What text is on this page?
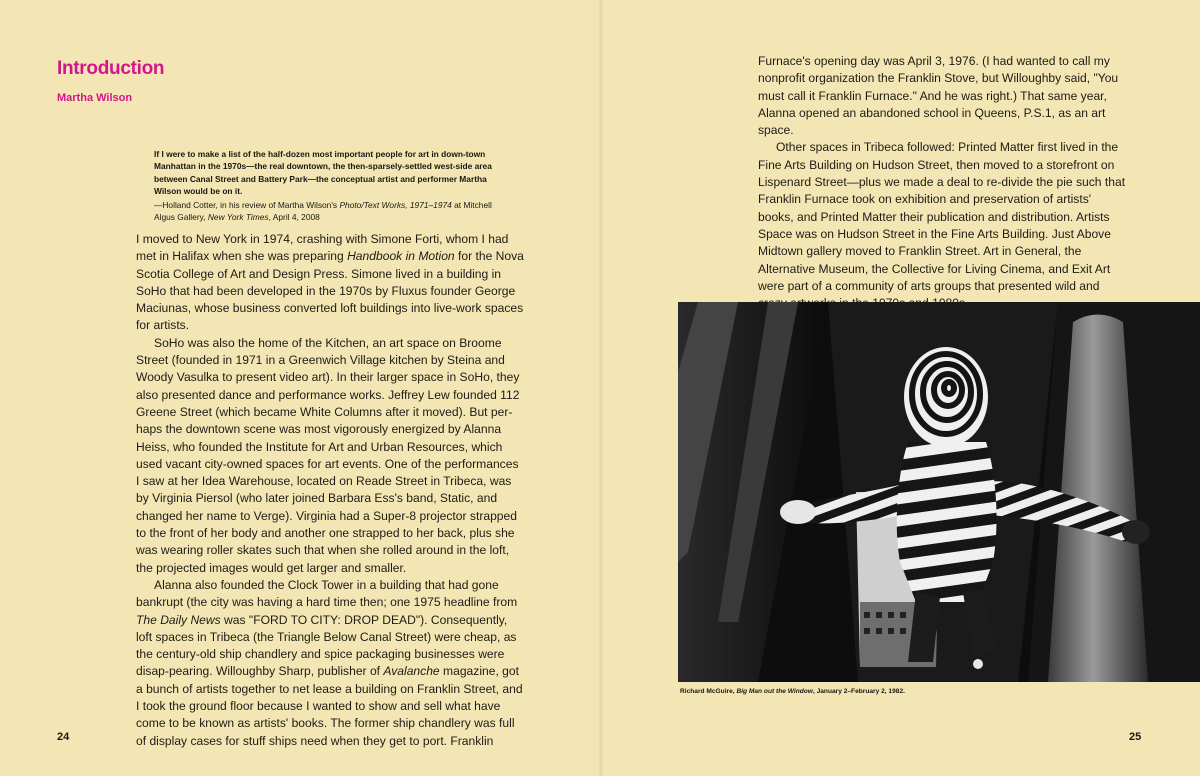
Introduction
Martha Wilson
If I were to make a list of the half-dozen most important people for art in down-town Manhattan in the 1970s—the real downtown, the then-sparsely-settled west-side area between Canal Street and Battery Park—the conceptual artist and performer Martha Wilson would be on it.
—Holland Cotter, in his review of Martha Wilson's Photo/Text Works, 1971–1974 at Mitchell Algus Gallery, New York Times, April 4, 2008

I moved to New York in 1974, crashing with Simone Forti, whom I had met in Halifax when she was preparing Handbook in Motion for the Nova Scotia College of Art and Design Press. Simone lived in a building in SoHo that had been developed in the 1970s by Fluxus founder George Maciunas, whose business converted loft buildings into live-work spaces for artists.

SoHo was also the home of the Kitchen, an art space on Broome Street (founded in 1971 in a Greenwich Village kitchen by Steina and Woody Vasulka to present video art). In their larger space in SoHo, they also presented dance and performance works. Jeffrey Lew founded 112 Greene Street (which became White Columns after it moved). But per-haps the downtown scene was most vigorously energized by Alanna Heiss, who founded the Institute for Art and Urban Resources, which used vacant city-owned spaces for art events. One of the performances I saw at her Idea Warehouse, located on Reade Street in Tribeca, was by Virginia Piersol (who later joined Barbara Ess's band, Static, and changed her name to Verge). Virginia had a Super-8 projector strapped to the front of her body and another one strapped to her back, plus she was wearing roller skates such that when she rolled around in the loft, the projected images would get larger and smaller.

Alanna also founded the Clock Tower in a building that had gone bankrupt (the city was having a hard time then; one 1975 headline from The Daily News was "FORD TO CITY: DROP DEAD"). Consequently, loft spaces in Tribeca (the Triangle Below Canal Street) were cheap, as the century-old ship chandlery and spice packaging businesses were disap-pearing. Willoughby Sharp, publisher of Avalanche magazine, got a bunch of artists together to net lease a building on Franklin Street, and I took the ground floor because I wanted to show and sell what have come to be known as artists' books. The former ship chandlery was full of display cases for stuff ships need when they get to port. Franklin

Furnace's opening day was April 3, 1976. (I had wanted to call my nonprofit organization the Franklin Stove, but Willoughby said, "You must call it Franklin Furnace." And he was right.) That same year, Alanna opened an abandoned school in Queens, P.S.1, as an art space.

Other spaces in Tribeca followed: Printed Matter first lived in the Fine Arts Building on Hudson Street, then moved to a storefront on Lispenard Street—plus we made a deal to re-divide the pie such that Franklin Furnace took on exhibition and preservation of artists' books, and Printed Matter their publication and distribution. Artists Space was on Hudson Street in the Fine Arts Building. Just Above Midtown gallery moved to Franklin Street. Art in General, the Alternative Museum, the Collective for Living Cinema, and Exit Art were part of a community of arts groups that presented wild and

Richard McGuire, Big Man out the Window, January 2–February 2, 1982.
24	25
